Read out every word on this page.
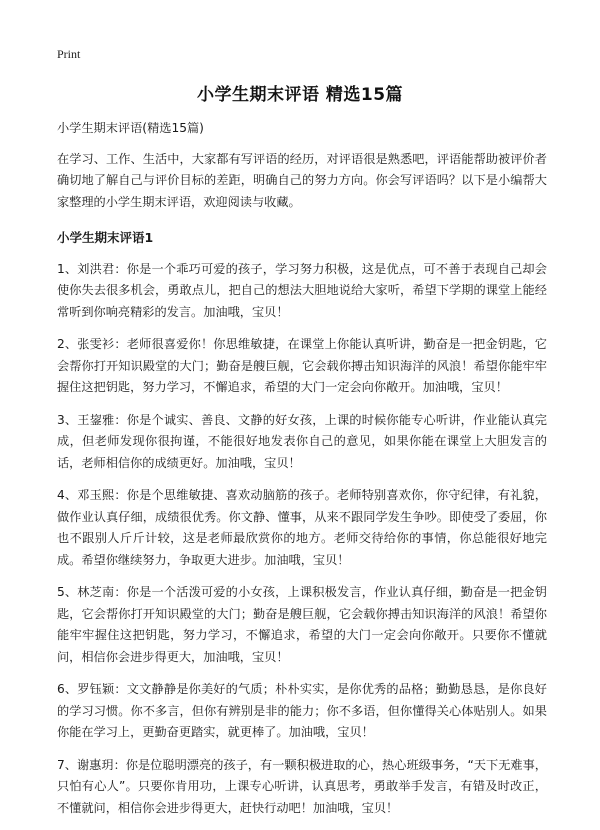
Print
小学生期末评语 精选15篇

小学生期末评语(精选15篇)

在学习、工作、生活中，大家都有写评语的经历，对评语很是熟悉吧，评语能帮助被评价者确切地了解自己与评价目标的差距，明确自己的努力方向。你会写评语吗？以下是小编帮大家整理的小学生期末评语，欢迎阅读与收藏。

小学生期末评语1

1、刘洪君：你是一个乖巧可爱的孩子，学习努力积极，这是优点，可不善于表现自己却会使你失去很多机会，勇敢点儿，把自己的想法大胆地说给大家听，希望下学期的课堂上能经常听到你响亮精彩的发言。加油哦，宝贝！

2、张雯衫：老师很喜爱你！你思维敏捷，在课堂上你能认真听讲，勤奋是一把金钥匙，它会帮你打开知识殿堂的大门；勤奋是艘巨舰，它会载你搏击知识海洋的风浪！希望你能牢牢握住这把钥匙，努力学习，不懈追求，希望的大门一定会向你敞开。加油哦，宝贝！

3、王鋆雅：你是个诚实、善良、文静的好女孩，上课的时候你能专心听讲，作业能认真完成，但老师发现你很拘谨，不能很好地发表你自己的意见，如果你能在课堂上大胆发言的话，老师相信你的成绩更好。加油哦，宝贝！

4、邓玉熙：你是个思维敏捷、喜欢动脑筋的孩子。老师特别喜欢你，你守纪律，有礼貌，做作业认真仔细，成绩很优秀。你文静、懂事，从来不跟同学发生争吵。即使受了委屈，你也不跟别人斤斤计较，这是老师最欣赏你的地方。老师交待给你的事情，你总能很好地完成。希望你继续努力，争取更大进步。加油哦，宝贝！

5、林芝南：你是一个活泼可爱的小女孩，上课积极发言，作业认真仔细，勤奋是一把金钥匙，它会帮你打开知识殿堂的大门；勤奋是艘巨舰，它会载你搏击知识海洋的风浪！希望你能牢牢握住这把钥匙，努力学习，不懈追求，希望的大门一定会向你敞开。只要你不懂就问，相信你会进步得更大，加油哦，宝贝！

6、罗钰颖：文文静静是你美好的气质；朴朴实实，是你优秀的品格；勤勤恳恳，是你良好的学习习惯。你不多言，但你有辨别是非的能力；你不多语，但你懂得关心体贴别人。如果你能在学习上，更勤奋更踏实，就更棒了。加油哦，宝贝！

7、谢惠玥：你是位聪明漂亮的孩子，有一颗积极进取的心，热心班级事务，“天下无难事，只怕有心人”。只要你肯用功，上课专心听讲，认真思考，勇敢举手发言，有错及时改正，不懂就问，相信你会进步得更大，赶快行动吧！加油哦，宝贝！
